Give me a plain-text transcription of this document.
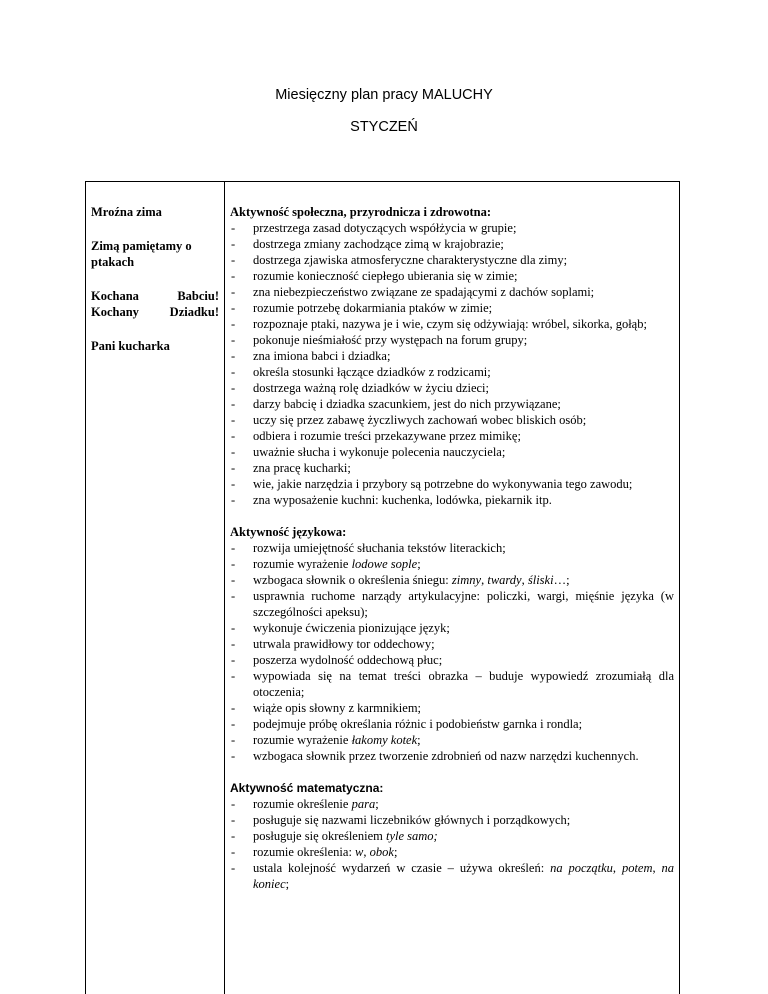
Miesięczny plan pracy MALUCHY
STYCZEŃ

Mroźna zima

Zimą pamiętamy o ptakach

Kochana Babciu! Kochany Dziadku!

Pani kucharka

Aktywność społeczna, przyrodnicza i zdrowotna:

- przestrzega zasad dotyczących współżycia w grupie;
- dostrzega zmiany zachodzące zimą w krajobrazie;
- dostrzega zjawiska atmosferyczne charakterystyczne dla zimy;
- rozumie konieczność ciepłego ubierania się w zimie;
- zna niebezpieczeństwo związane ze spadającymi z dachów soplami;
- rozumie potrzebę dokarmiania ptaków w zimie;
- rozpoznaje ptaki, nazywa je i wie, czym się odżywiają: wróbel, sikorka, gołąb;
- pokonuje nieśmiałość przy występach na forum grupy;
- zna imiona babci i dziadka;
- określa stosunki łączące dziadków z rodzicami;
- dostrzega ważną rolę dziadków w życiu dzieci;
- darzy babcię i dziadka szacunkiem, jest do nich przywiązane;
- uczy się przez zabawę życzliwych zachowań wobec bliskich osób;
- odbiera i rozumie treści przekazywane przez mimikę;
- uważnie słucha i wykonuje polecenia nauczyciela;
- zna pracę kucharki;
- wie, jakie narzędzia i przybory są potrzebne do wykonywania tego zawodu;
- zna wyposażenie kuchni: kuchenka, lodówka, piekarnik itp.

Aktywność językowa:

- rozwija umiejętność słuchania tekstów literackich;
- rozumie wyrażenie lodowe sople;
- wzbogaca słownik o określenia śniegu: zimny, twardy, śliski…;
- usprawnia ruchome narządy artykulacyjne: policzki, wargi, mięśnie języka (w szczególności apeksu);
- wykonuje ćwiczenia pionizujące język;
- utrwala prawidłowy tor oddechowy;
- poszerza wydolność oddechową płuc;
- wypowiada się na temat treści obrazka – buduje wypowiedź zrozumiałą dla otoczenia;
- wiąże opis słowny z karmnikiem;
- podejmuje próbę określania różnic i podobieństw garnka i rondla;
- rozumie wyrażenie łakomy kotek;
- wzbogaca słownik przez tworzenie zdrobnień od nazw narzędzi kuchennych.

Aktywność matematyczna:

- rozumie określenie para;
- posługuje się nazwami liczebników głównych i porządkowych;
- posługuje się określeniem tyle samo;
- rozumie określenia: w, obok;
- ustala kolejność wydarzeń w czasie – używa określeń: na początku, potem, na koniec;
